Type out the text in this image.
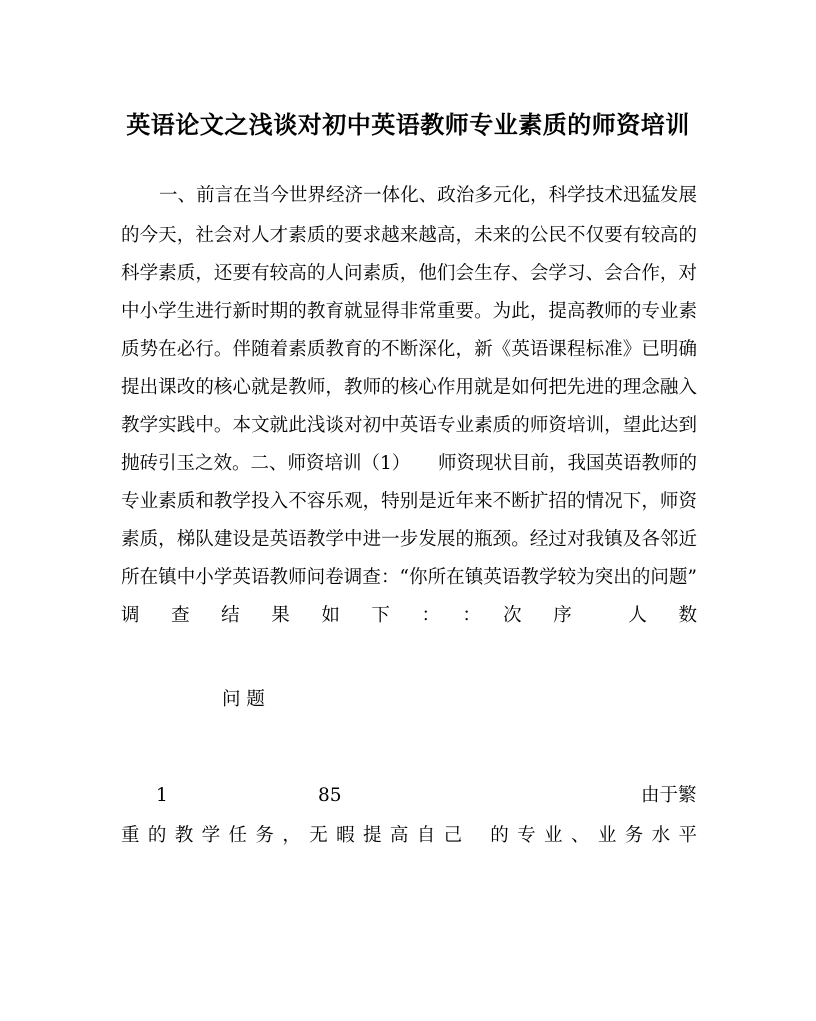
英语论文之浅谈对初中英语教师专业素质的师资培训
一、前言在当今世界经济一体化、政治多元化，科学技术迅猛发展
的今天，社会对人才素质的要求越来越高，未来的公民不仅要有较高的
科学素质，还要有较高的人问素质，他们会生存、会学习、会合作，对
中小学生进行新时期的教育就显得非常重要。为此，提高教师的专业素
质势在必行。伴随着素质教育的不断深化，新《英语课程标准》已明确
提出课改的核心就是教师，教师的核心作用就是如何把先进的理念融入
教学实践中。本文就此浅谈对初中英语专业素质的师资培训，望此达到
抛砖引玉之效。二、师资培训（1）　　师资现状目前，我国英语教师的
专业素质和教学投入不容乐观，特别是近年来不断扩招的情况下，师资
素质，梯队建设是英语教学中进一步发展的瓶颈。经过对我镇及各邻近
所在镇中小学英语教师问卷调查：“你所在镇英语教学较为突出的问题”
调　查　结　果　如　下　：　：　次　序　　人　数
问 题
1	85	由于繁
重 的 教 学 任 务 ， 无 暇 提 高 自 己 　的 专 业 、 业 务 水 平
